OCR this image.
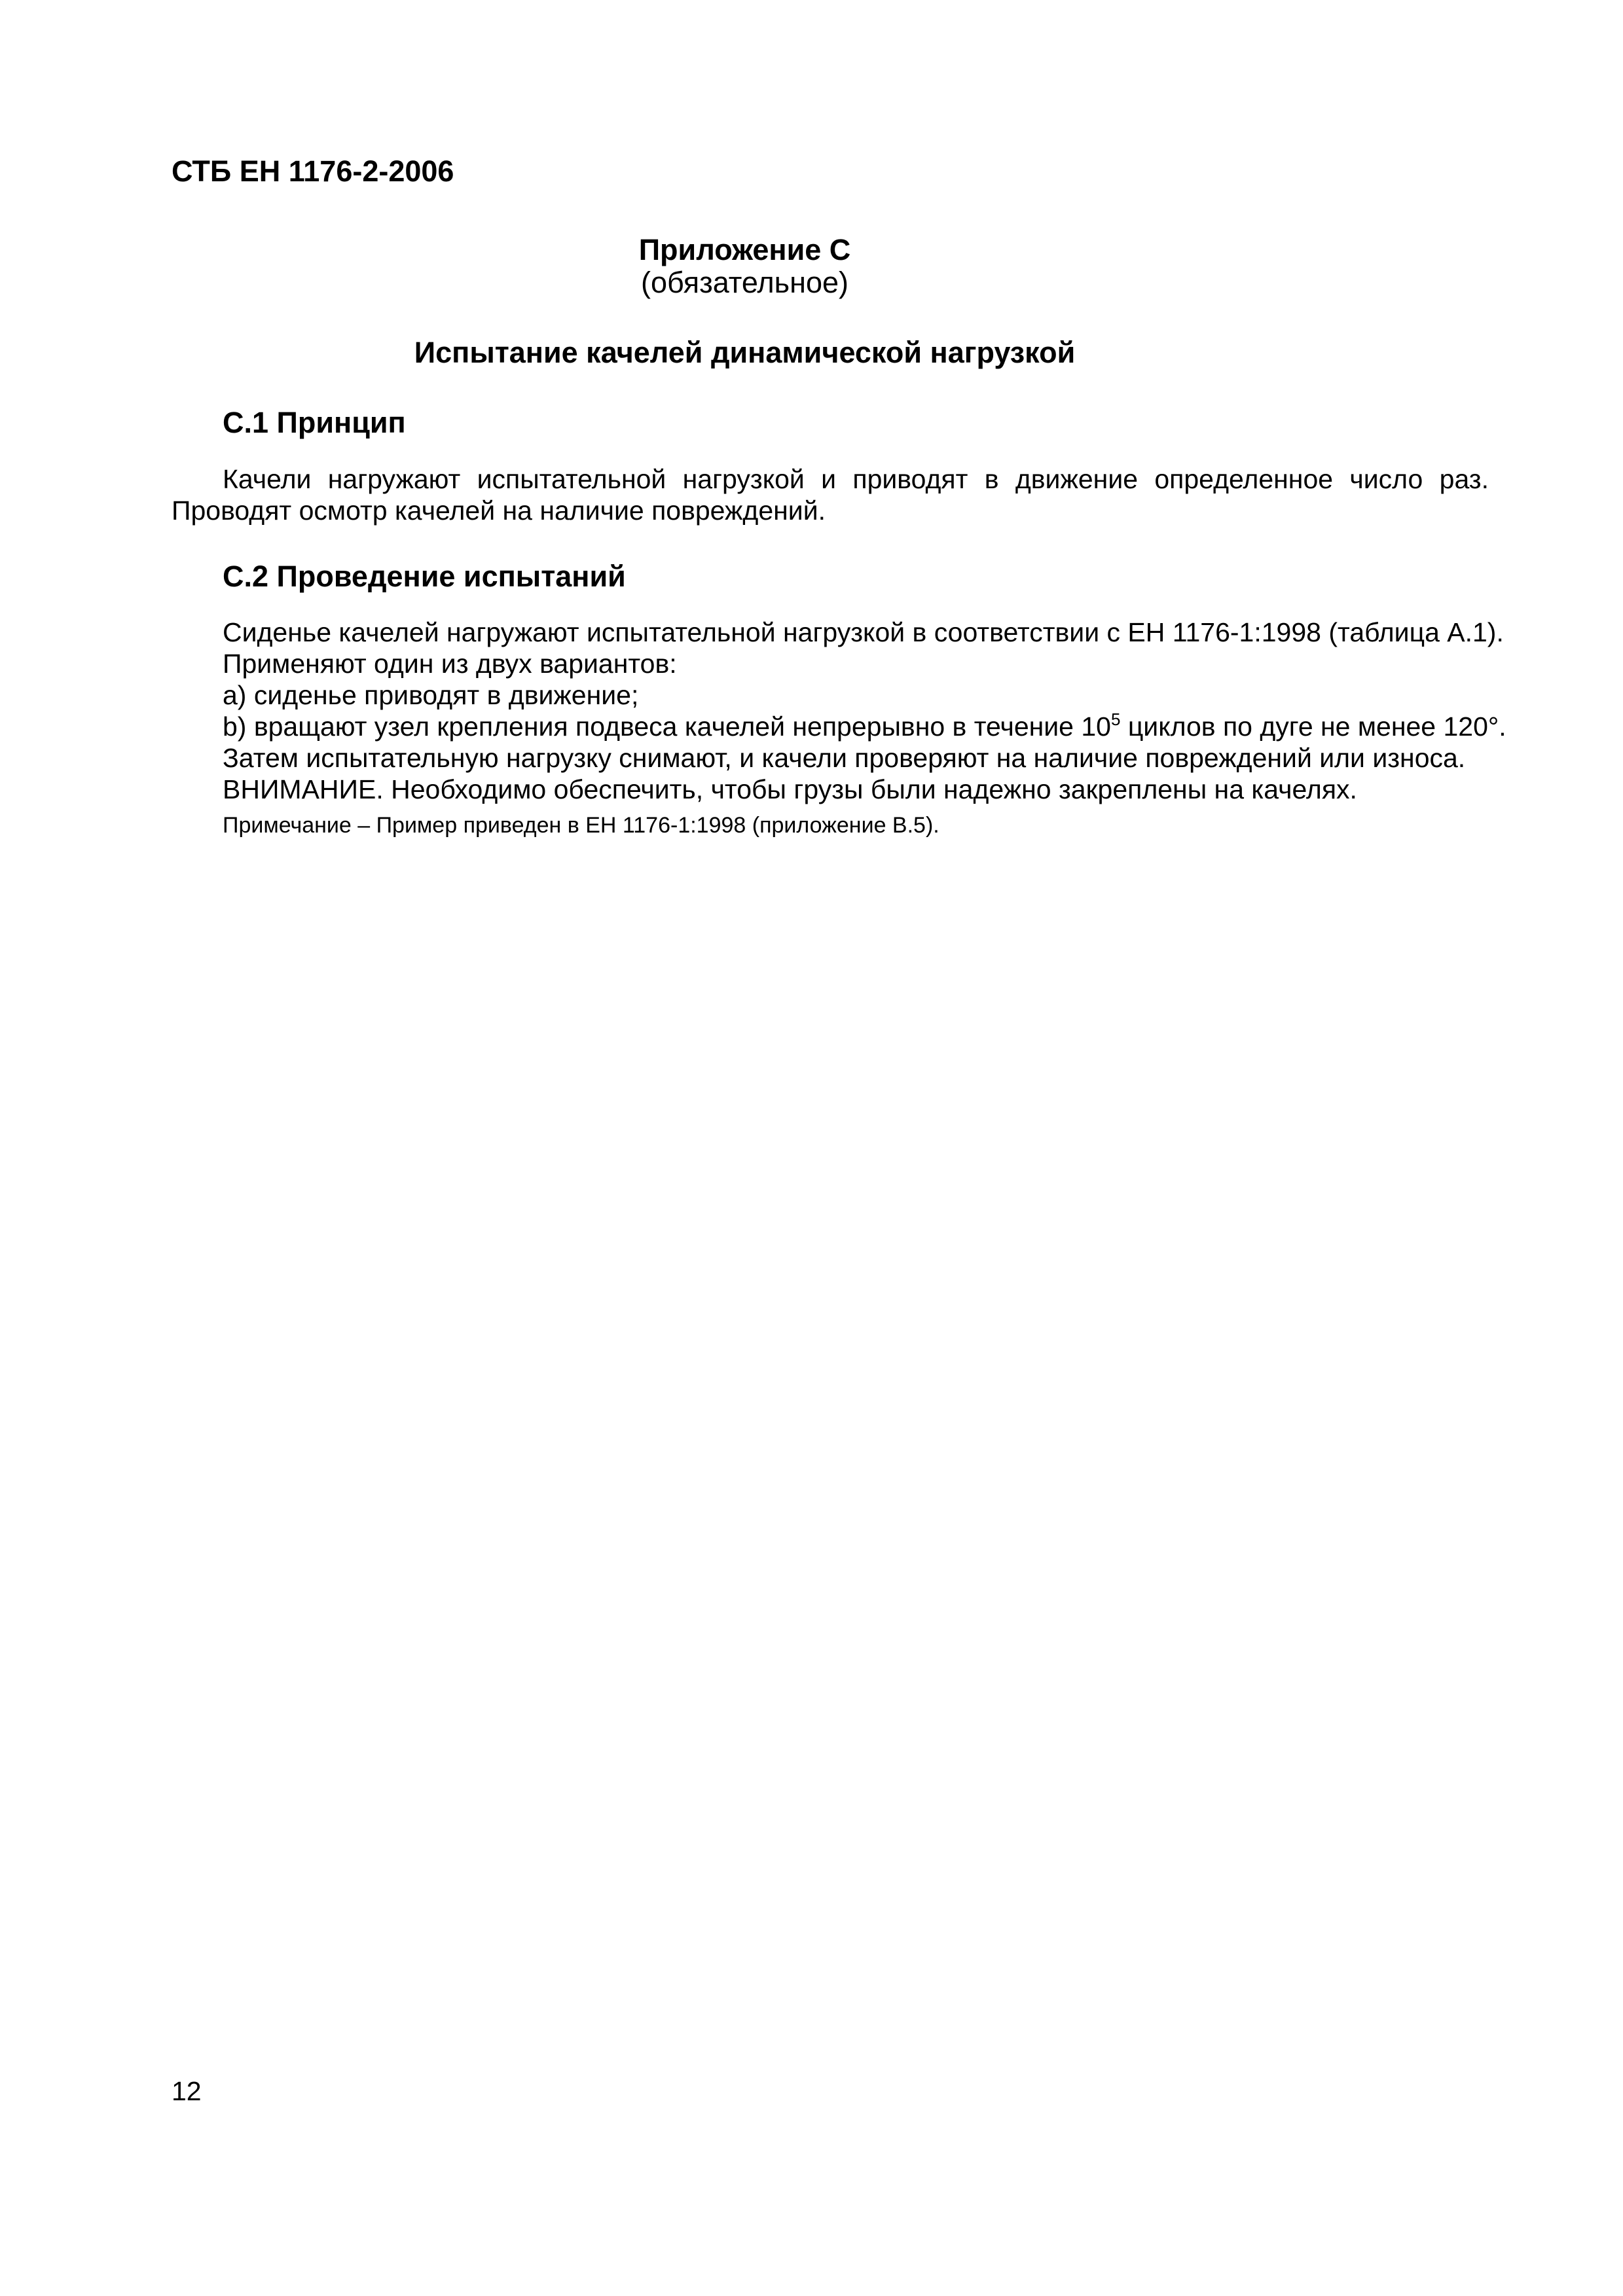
СТБ ЕН 1176-2-2006
Приложение С
(обязательное)
Испытание качелей динамической нагрузкой
С.1 Принцип

Качели нагружают испытательной нагрузкой и приводят в движение определенное число раз. Проводят осмотр качелей на наличие повреждений.

С.2 Проведение испытаний
Сиденье качелей нагружают испытательной нагрузкой в соответствии с ЕН 1176-1:1998 (таблица А.1).
Применяют один из двух вариантов:
a) сиденье приводят в движение;
b) вращают узел крепления подвеса качелей непрерывно в течение $10^5$ циклов по дуге не менее 120°.
Затем испытательную нагрузку снимают, и качели проверяют на наличие повреждений или износа.
ВНИМАНИЕ. Необходимо обеспечить, чтобы грузы были надежно закреплены на качелях.
Примечание – Пример приведен в ЕН 1176-1:1998 (приложение В.5).
12
